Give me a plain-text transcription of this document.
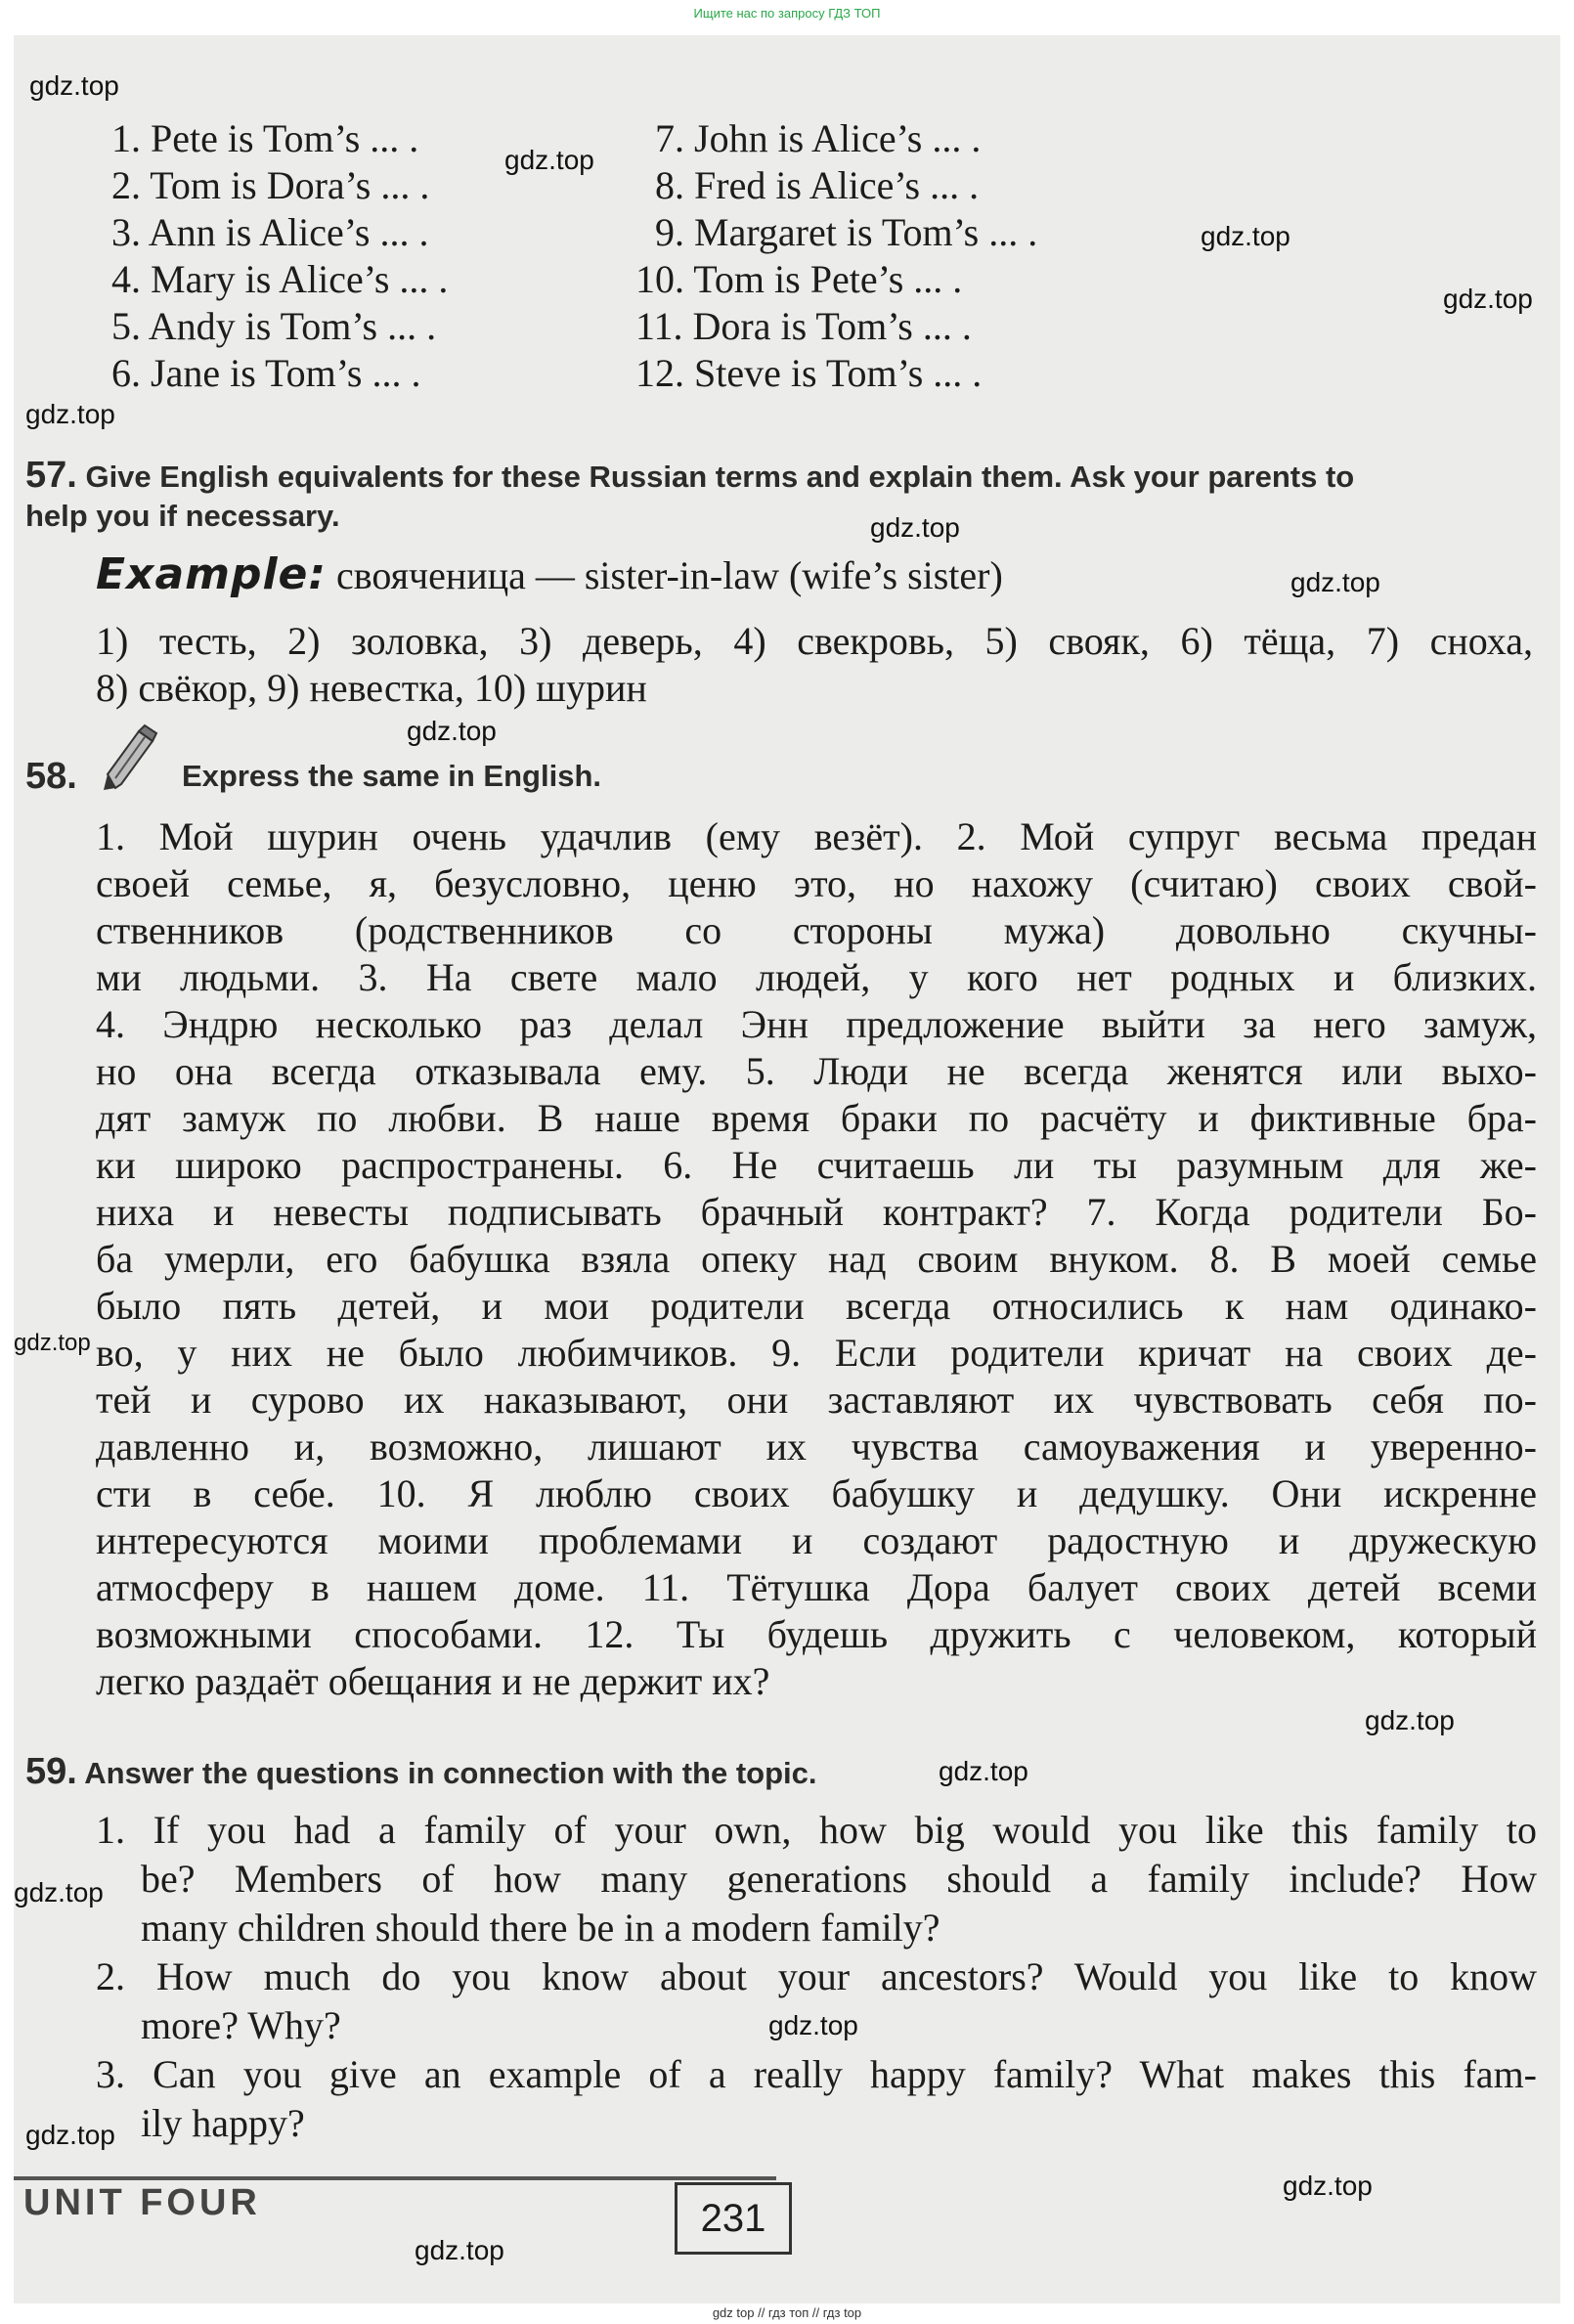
Ищите нас по запросу ГДЗ ТОП
gdz.top
gdz.top
gdz.top
gdz.top
gdz.top
gdz.top
gdz.top
gdz.top
gdz.top
gdz.top
gdz.top
gdz.top
gdz.top
gdz.top
gdz.top
gdz.top
1. Pete is Tom’s ... .
2. Tom is Dora’s ... .
3. Ann is Alice’s ... .
4. Mary is Alice’s ... .
5. Andy is Tom’s ... .
6. Jane is Tom’s ... .
7. John is Alice’s ... .
8. Fred is Alice’s ... .
9. Margaret is Tom’s ... .
10. Tom is Pete’s ... .
11. Dora is Tom’s ... .
12. Steve is Tom’s ... .
57. Give English equivalents for these Russian terms and explain them. Ask your parents to
help you if necessary.
Example: свояченица — sister-in-law (wife’s sister)
1) тесть, 2) золовка, 3) деверь, 4) свекровь, 5) свояк, 6) тёща, 7) сноха,
8) свёкор, 9) невестка, 10) шурин
58.	Express the same in English.
1. Мой шурин очень удачлив (ему везёт). 2. Мой супруг весьма предан
своей семье, я, безусловно, ценю это, но нахожу (считаю) своих свой-
ственников (родственников со стороны мужа) довольно скучны-
ми людьми. 3. На свете мало людей, у кого нет родных и близких.
4. Эндрю несколько раз делал Энн предложение выйти за него замуж,
но она всегда отказывала ему. 5. Люди не всегда женятся или выхо-
дят замуж по любви. В наше время браки по расчёту и фиктивные бра-
ки широко распространены. 6. Не считаешь ли ты разумным для же-
ниха и невесты подписывать брачный контракт? 7. Когда родители Бо-
ба умерли, его бабушка взяла опеку над своим внуком. 8. В моей семье
было пять детей, и мои родители всегда относились к нам одинако-
во, у них не было любимчиков. 9. Если родители кричат на своих де-
тей и сурово их наказывают, они заставляют их чувствовать себя по-
давленно и, возможно, лишают их чувства самоуважения и уверенно-
сти в себе. 10. Я люблю своих бабушку и дедушку. Они искренне
интересуются моими проблемами и создают радостную и дружескую
атмосферу в нашем доме. 11. Тётушка Дора балует своих детей всеми
возможными способами. 12. Ты будешь дружить с человеком, который
легко раздаёт обещания и не держит их?
59. Answer the questions in connection with the topic.
1. If you had a family of your own, how big would you like this family to
be? Members of how many generations should a family include? How
many children should there be in a modern family?
2. How much do you know about your ancestors? Would you like to know
more? Why?
3. Can you give an example of a really happy family? What makes this fam-
ily happy?
UNIT FOUR	231
gdz top // гдз топ // гдз top
